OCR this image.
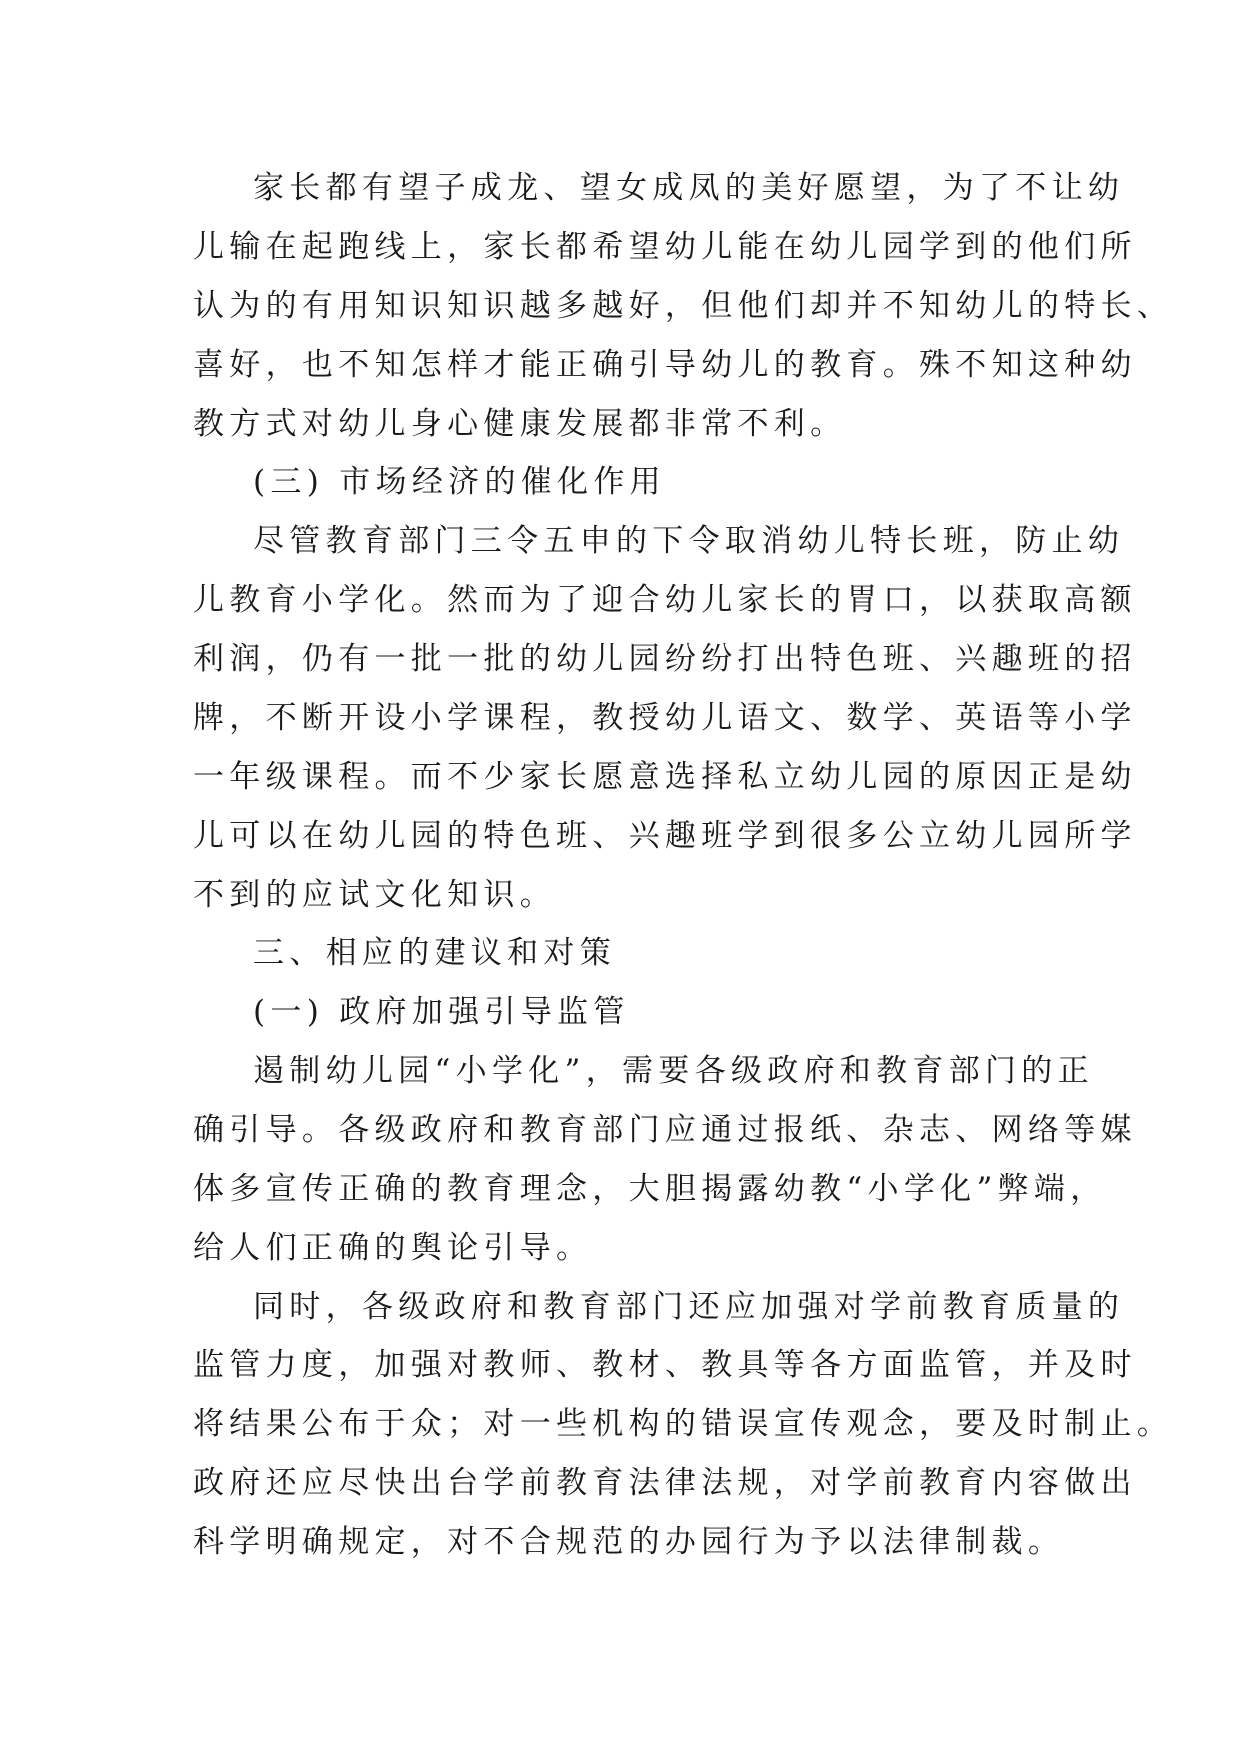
家长都有望子成龙、望女成凤的美好愿望，为了不让幼
儿输在起跑线上，家长都希望幼儿能在幼儿园学到的他们所
认为的有用知识知识越多越好，但他们却并不知幼儿的特长、
喜好，也不知怎样才能正确引导幼儿的教育。殊不知这种幼
教方式对幼儿身心健康发展都非常不利。
(三) 市场经济的催化作用
尽管教育部门三令五申的下令取消幼儿特长班，防止幼
儿教育小学化。然而为了迎合幼儿家长的胃口，以获取高额
利润，仍有一批一批的幼儿园纷纷打出特色班、兴趣班的招
牌，不断开设小学课程，教授幼儿语文、数学、英语等小学
一年级课程。而不少家长愿意选择私立幼儿园的原因正是幼
儿可以在幼儿园的特色班、兴趣班学到很多公立幼儿园所学
不到的应试文化知识。
三、相应的建议和对策
(一) 政府加强引导监管
遏制幼儿园“小学化”，需要各级政府和教育部门的正
确引导。各级政府和教育部门应通过报纸、杂志、网络等媒
体多宣传正确的教育理念，大胆揭露幼教“小学化”弊端，
给人们正确的舆论引导。
同时，各级政府和教育部门还应加强对学前教育质量的
监管力度，加强对教师、教材、教具等各方面监管，并及时
将结果公布于众；对一些机构的错误宣传观念，要及时制止。
政府还应尽快出台学前教育法律法规，对学前教育内容做出
科学明确规定，对不合规范的办园行为予以法律制裁。
